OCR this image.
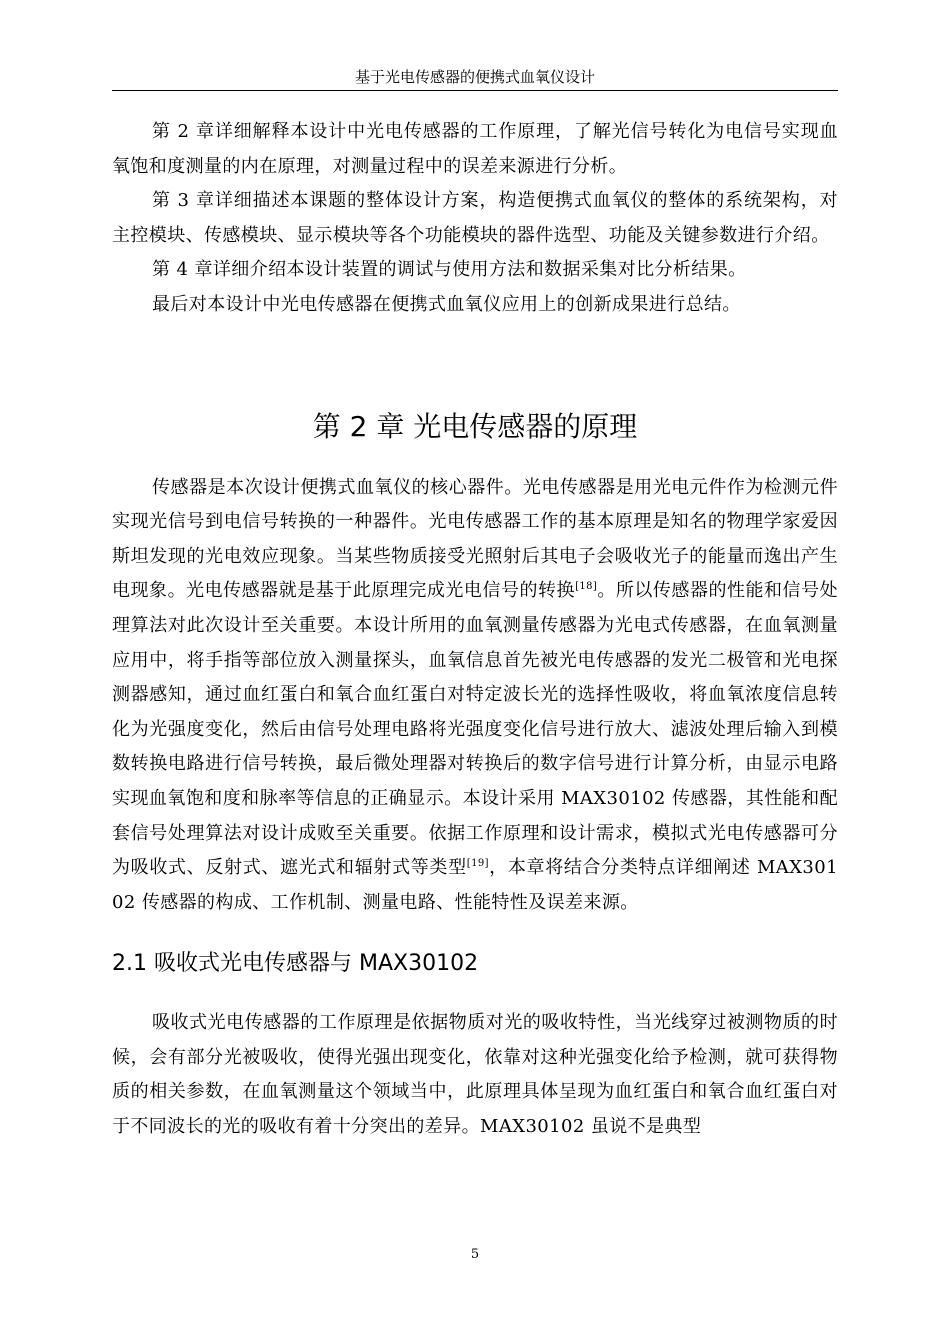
基于光电传感器的便携式血氧仪设计

第 2 章详细解释本设计中光电传感器的工作原理，了解光信号转化为电信号实现血氧饱和度测量的内在原理，对测量过程中的误差来源进行分析。

第 3 章详细描述本课题的整体设计方案，构造便携式血氧仪的整体的系统架构，对主控模块、传感模块、显示模块等各个功能模块的器件选型、功能及关键参数进行介绍。

第 4 章详细介绍本设计装置的调试与使用方法和数据采集对比分析结果。

最后对本设计中光电传感器在便携式血氧仪应用上的创新成果进行总结。

第 2 章 光电传感器的原理

传感器是本次设计便携式血氧仪的核心器件。光电传感器是用光电元件作为检测元件实现光信号到电信号转换的一种器件。光电传感器工作的基本原理是知名的物理学家爱因斯坦发现的光电效应现象。当某些物质接受光照射后其电子会吸收光子的能量而逸出产生电现象。光电传感器就是基于此原理完成光电信号的转换[18]。所以传感器的性能和信号处理算法对此次设计至关重要。本设计所用的血氧测量传感器为光电式传感器，在血氧测量应用中，将手指等部位放入测量探头，血氧信息首先被光电传感器的发光二极管和光电探测器感知，通过血红蛋白和氧合血红蛋白对特定波长光的选择性吸收，将血氧浓度信息转化为光强度变化，然后由信号处理电路将光强度变化信号进行放大、滤波处理后输入到模数转换电路进行信号转换，最后微处理器对转换后的数字信号进行计算分析，由显示电路实现血氧饱和度和脉率等信息的正确显示。本设计采用 MAX30102 传感器，其性能和配套信号处理算法对设计成败至关重要。依据工作原理和设计需求，模拟式光电传感器可分为吸收式、反射式、遮光式和辐射式等类型[19]，本章将结合分类特点详细阐述 MAX30102 传感器的构成、工作机制、测量电路、性能特性及误差来源。

2.1 吸收式光电传感器与 MAX30102

吸收式光电传感器的工作原理是依据物质对光的吸收特性，当光线穿过被测物质的时候，会有部分光被吸收，使得光强出现变化，依靠对这种光强变化给予检测，就可获得物质的相关参数，在血氧测量这个领域当中，此原理具体呈现为血红蛋白和氧合血红蛋白对于不同波长的光的吸收有着十分突出的差异。MAX30102 虽说不是典型

5
